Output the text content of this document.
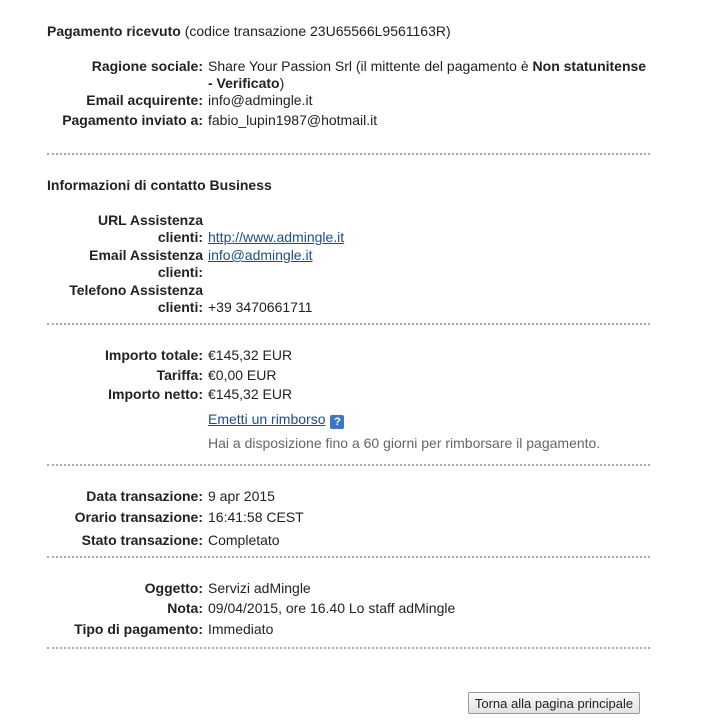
Pagamento ricevuto (codice transazione 23U65566L9561163R)
Ragione sociale: Share Your Passion Srl (il mittente del pagamento è Non statunitense - Verificato)
Email acquirente: info@admingle.it
Pagamento inviato a: fabio_lupin1987@hotmail.it
Informazioni di contatto Business
URL Assistenza
clienti: http://www.admingle.it
Email Assistenza
clienti:
info@admingle.it
Telefono Assistenza
clienti: +39 3470661711
Importo totale: €145,32 EUR
Tariffa: €0,00 EUR
Importo netto: €145,32 EUR
Emetti un rimborso ?
Hai a disposizione fino a 60 giorni per rimborsare il pagamento.
Data transazione: 9 apr 2015
Orario transazione: 16:41:58 CEST
Stato transazione: Completato
Oggetto: Servizi adMingle
Nota: 09/04/2015, ore 16.40 Lo staff adMingle
Tipo di pagamento: Immediato
Torna alla pagina principale
